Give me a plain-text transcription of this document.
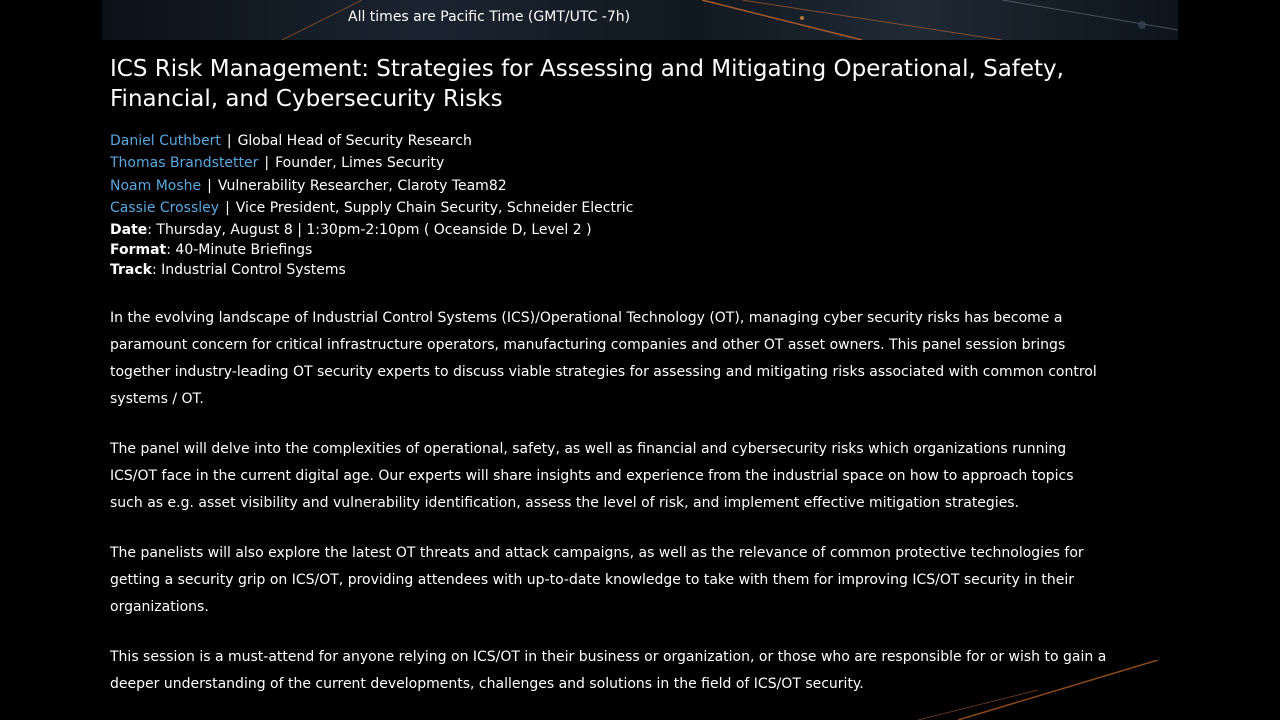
All times are Pacific Time (GMT/UTC -7h)
ICS Risk Management: Strategies for Assessing and Mitigating Operational, Safety, Financial, and Cybersecurity Risks
Daniel Cuthbert | Global Head of Security Research
Thomas Brandstetter | Founder, Limes Security
Noam Moshe | Vulnerability Researcher, Claroty Team82
Cassie Crossley | Vice President, Supply Chain Security, Schneider Electric
Date: Thursday, August 8 | 1:30pm-2:10pm ( Oceanside D, Level 2 )
Format: 40-Minute Briefings
Track: Industrial Control Systems

In the evolving landscape of Industrial Control Systems (ICS)/Operational Technology (OT), managing cyber security risks has become a paramount concern for critical infrastructure operators, manufacturing companies and other OT asset owners. This panel session brings together industry-leading OT security experts to discuss viable strategies for assessing and mitigating risks associated with common control systems / OT.

The panel will delve into the complexities of operational, safety, as well as financial and cybersecurity risks which organizations running ICS/OT face in the current digital age. Our experts will share insights and experience from the industrial space on how to approach topics such as e.g. asset visibility and vulnerability identification, assess the level of risk, and implement effective mitigation strategies.

The panelists will also explore the latest OT threats and attack campaigns, as well as the relevance of common protective technologies for getting a security grip on ICS/OT, providing attendees with up-to-date knowledge to take with them for improving ICS/OT security in their organizations.

This session is a must-attend for anyone relying on ICS/OT in their business or organization, or those who are responsible for or wish to gain a deeper understanding of the current developments, challenges and solutions in the field of ICS/OT security.
